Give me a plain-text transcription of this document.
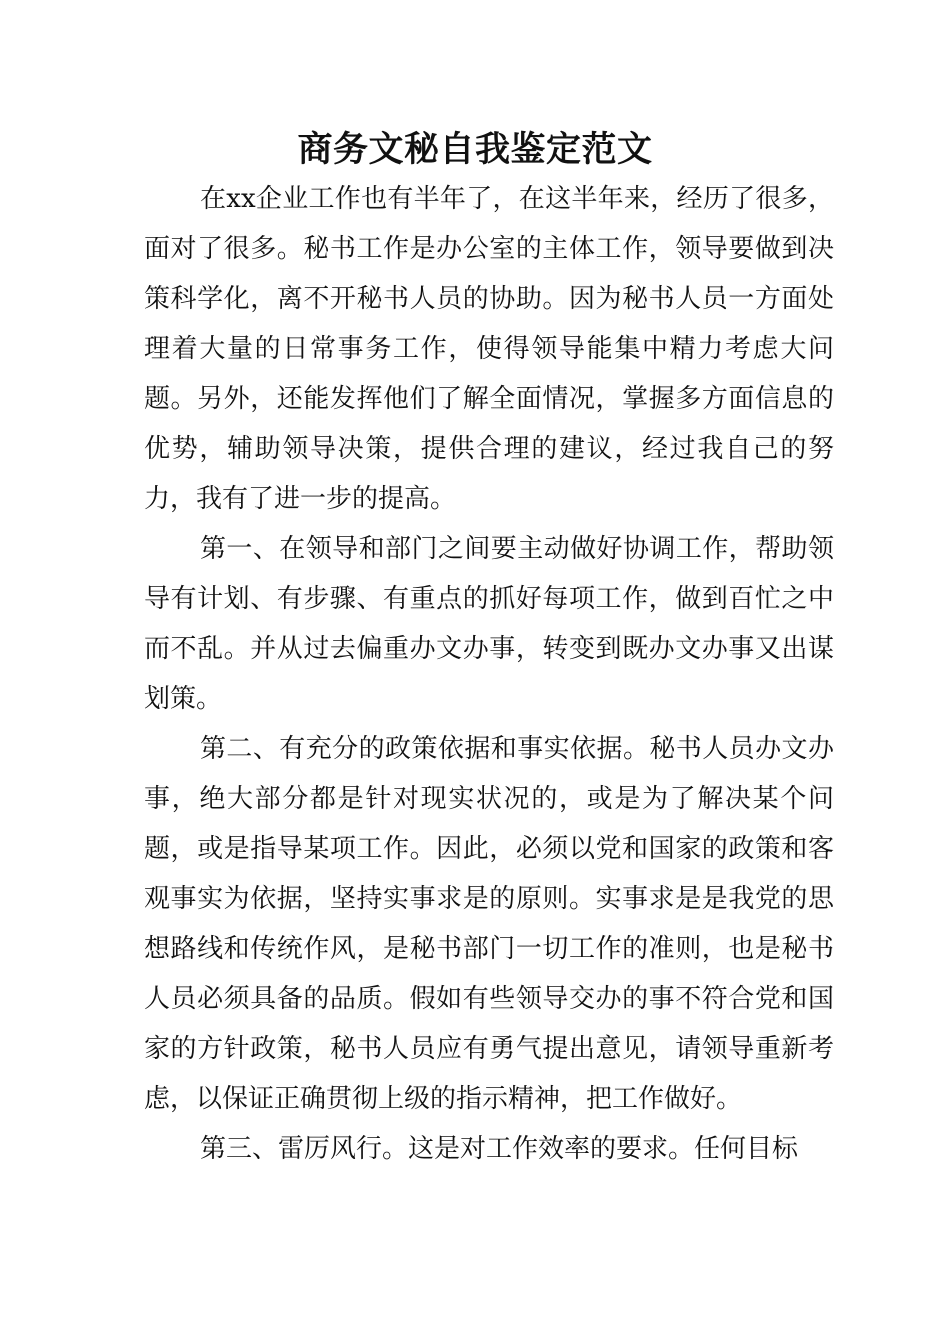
商务文秘自我鉴定范文

在xx企业工作也有半年了，在这半年来，经历了很多，面对了很多。秘书工作是办公室的主体工作，领导要做到决策科学化，离不开秘书人员的协助。因为秘书人员一方面处理着大量的日常事务工作，使得领导能集中精力考虑大问题。另外，还能发挥他们了解全面情况，掌握多方面信息的优势，辅助领导决策，提供合理的建议，经过我自己的努力，我有了进一步的提高。

第一、在领导和部门之间要主动做好协调工作，帮助领导有计划、有步骤、有重点的抓好每项工作，做到百忙之中而不乱。并从过去偏重办文办事，转变到既办文办事又出谋划策。

第二、有充分的政策依据和事实依据。秘书人员办文办事，绝大部分都是针对现实状况的，或是为了解决某个问题，或是指导某项工作。因此，必须以党和国家的政策和客观事实为依据，坚持实事求是的原则。实事求是是我党的思想路线和传统作风，是秘书部门一切工作的准则，也是秘书人员必须具备的品质。假如有些领导交办的事不符合党和国家的方针政策，秘书人员应有勇气提出意见，请领导重新考虑，以保证正确贯彻上级的指示精神，把工作做好。

第三、雷厉风行。这是对工作效率的要求。任何目标
